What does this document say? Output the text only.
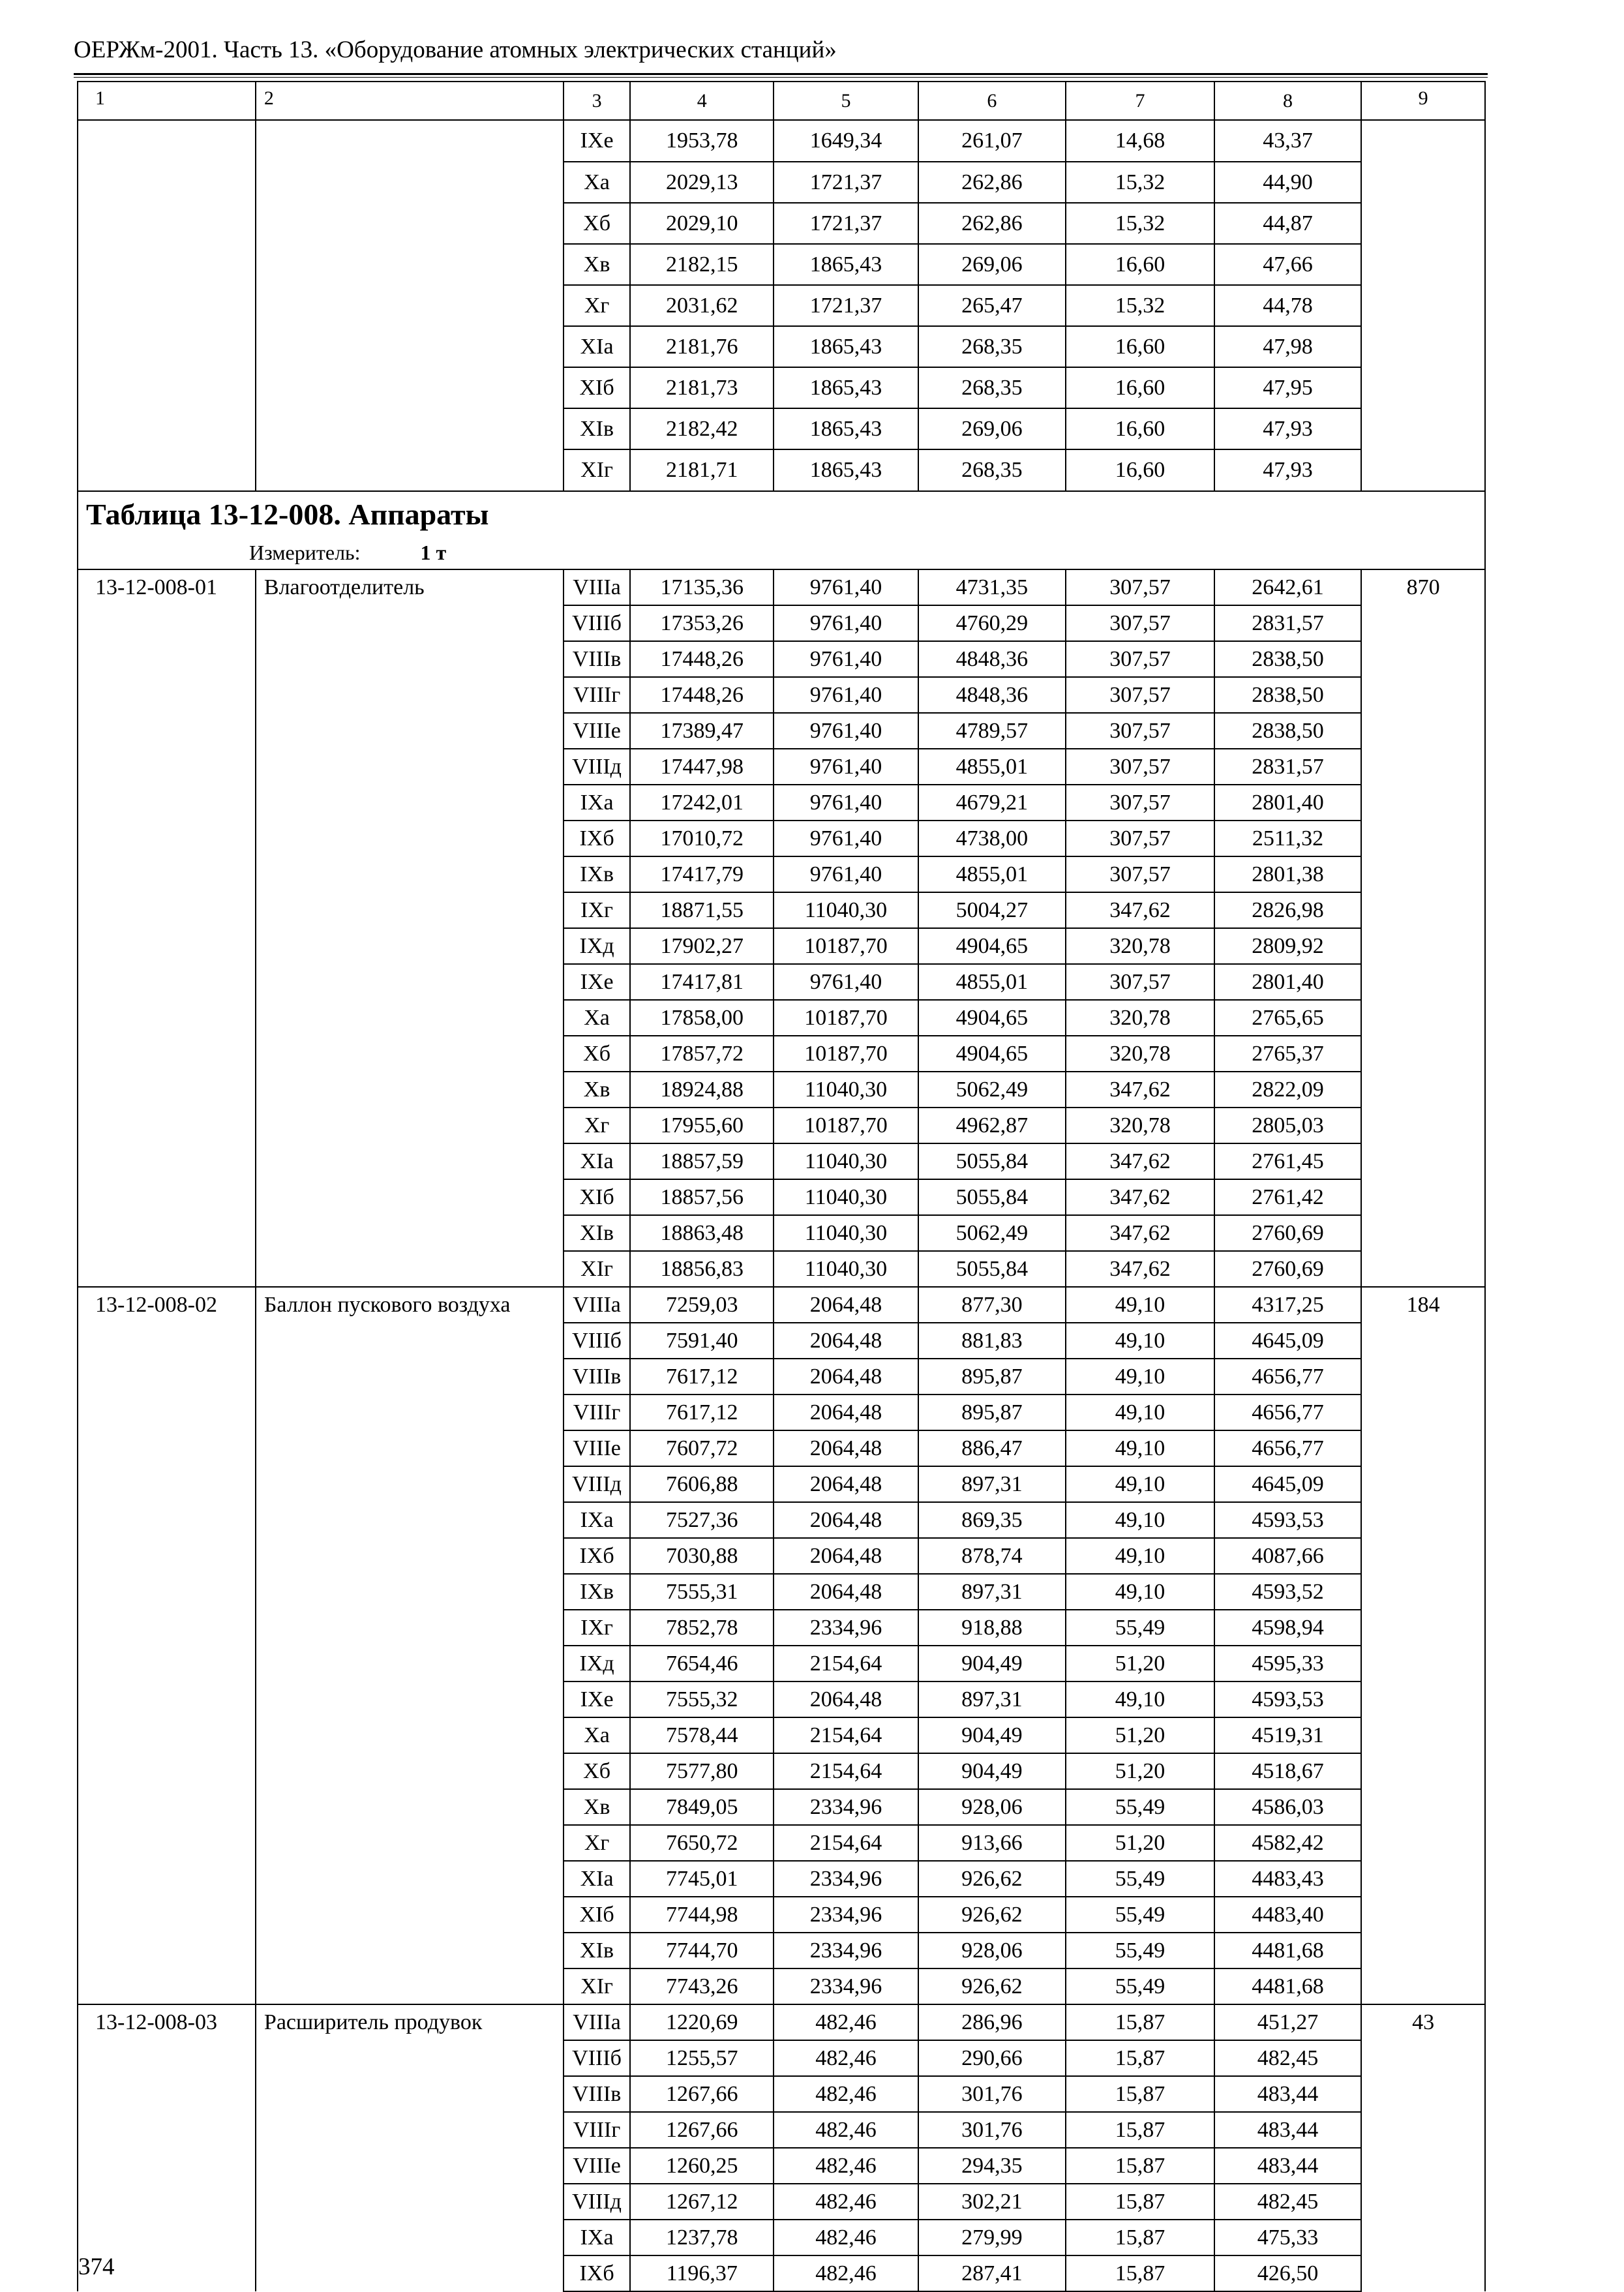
ОЕРЖм-2001. Часть 13. «Оборудование атомных электрических станций»
1	2	3	4	5	6	7	8	9
		IXe	1953,78	1649,34	261,07	14,68	43,37	
		Xa	2029,13	1721,37	262,86	15,32	44,90	
		Xб	2029,10	1721,37	262,86	15,32	44,87	
		Xв	2182,15	1865,43	269,06	16,60	47,66	
		Xг	2031,62	1721,37	265,47	15,32	44,78	
		XIa	2181,76	1865,43	268,35	16,60	47,98	
		XIб	2181,73	1865,43	268,35	16,60	47,95	
		XIв	2182,42	1865,43	269,06	16,60	47,93	
		XIг	2181,71	1865,43	268,35	16,60	47,93	
Таблица 13-12-008. Аппараты								
Измеритель: 1 т								
13-12-008-01	Влагоотделитель	VIIIa	17135,36	9761,40	4731,35	307,57	2642,61	870
		VIIIб	17353,26	9761,40	4760,29	307,57	2831,57	
		VIIIв	17448,26	9761,40	4848,36	307,57	2838,50	
		VIIIг	17448,26	9761,40	4848,36	307,57	2838,50	
		VIIIe	17389,47	9761,40	4789,57	307,57	2838,50	
		VIIIд	17447,98	9761,40	4855,01	307,57	2831,57	
		IXa	17242,01	9761,40	4679,21	307,57	2801,40	
		IXб	17010,72	9761,40	4738,00	307,57	2511,32	
		IXв	17417,79	9761,40	4855,01	307,57	2801,38	
		IXг	18871,55	11040,30	5004,27	347,62	2826,98	
		IXд	17902,27	10187,70	4904,65	320,78	2809,92	
		IXe	17417,81	9761,40	4855,01	307,57	2801,40	
		Xa	17858,00	10187,70	4904,65	320,78	2765,65	
		Xб	17857,72	10187,70	4904,65	320,78	2765,37	
		Xв	18924,88	11040,30	5062,49	347,62	2822,09	
		Xг	17955,60	10187,70	4962,87	320,78	2805,03	
		XIa	18857,59	11040,30	5055,84	347,62	2761,45	
		XIб	18857,56	11040,30	5055,84	347,62	2761,42	
		XIв	18863,48	11040,30	5062,49	347,62	2760,69	
		XIг	18856,83	11040,30	5055,84	347,62	2760,69	
13-12-008-02	Баллон пускового воздуха	VIIIa	7259,03	2064,48	877,30	49,10	4317,25	184
		VIIIб	7591,40	2064,48	881,83	49,10	4645,09	
		VIIIв	7617,12	2064,48	895,87	49,10	4656,77	
		VIIIг	7617,12	2064,48	895,87	49,10	4656,77	
		VIIIe	7607,72	2064,48	886,47	49,10	4656,77	
		VIIIд	7606,88	2064,48	897,31	49,10	4645,09	
		IXa	7527,36	2064,48	869,35	49,10	4593,53	
		IXб	7030,88	2064,48	878,74	49,10	4087,66	
		IXв	7555,31	2064,48	897,31	49,10	4593,52	
		IXг	7852,78	2334,96	918,88	55,49	4598,94	
		IXд	7654,46	2154,64	904,49	51,20	4595,33	
		IXe	7555,32	2064,48	897,31	49,10	4593,53	
		Xa	7578,44	2154,64	904,49	51,20	4519,31	
		Xб	7577,80	2154,64	904,49	51,20	4518,67	
		Xв	7849,05	2334,96	928,06	55,49	4586,03	
		Xг	7650,72	2154,64	913,66	51,20	4582,42	
		XIa	7745,01	2334,96	926,62	55,49	4483,43	
		XIб	7744,98	2334,96	926,62	55,49	4483,40	
		XIв	7744,70	2334,96	928,06	55,49	4481,68	
		XIг	7743,26	2334,96	926,62	55,49	4481,68	
13-12-008-03	Расширитель продувок	VIIIa	1220,69	482,46	286,96	15,87	451,27	43
		VIIIб	1255,57	482,46	290,66	15,87	482,45	
		VIIIв	1267,66	482,46	301,76	15,87	483,44	
		VIIIг	1267,66	482,46	301,76	15,87	483,44	
		VIIIe	1260,25	482,46	294,35	15,87	483,44	
		VIIIд	1267,12	482,46	302,21	15,87	482,45	
		IXa	1237,78	482,46	279,99	15,87	475,33	
		IXб	1196,37	482,46	287,41	15,87	426,50	
374
